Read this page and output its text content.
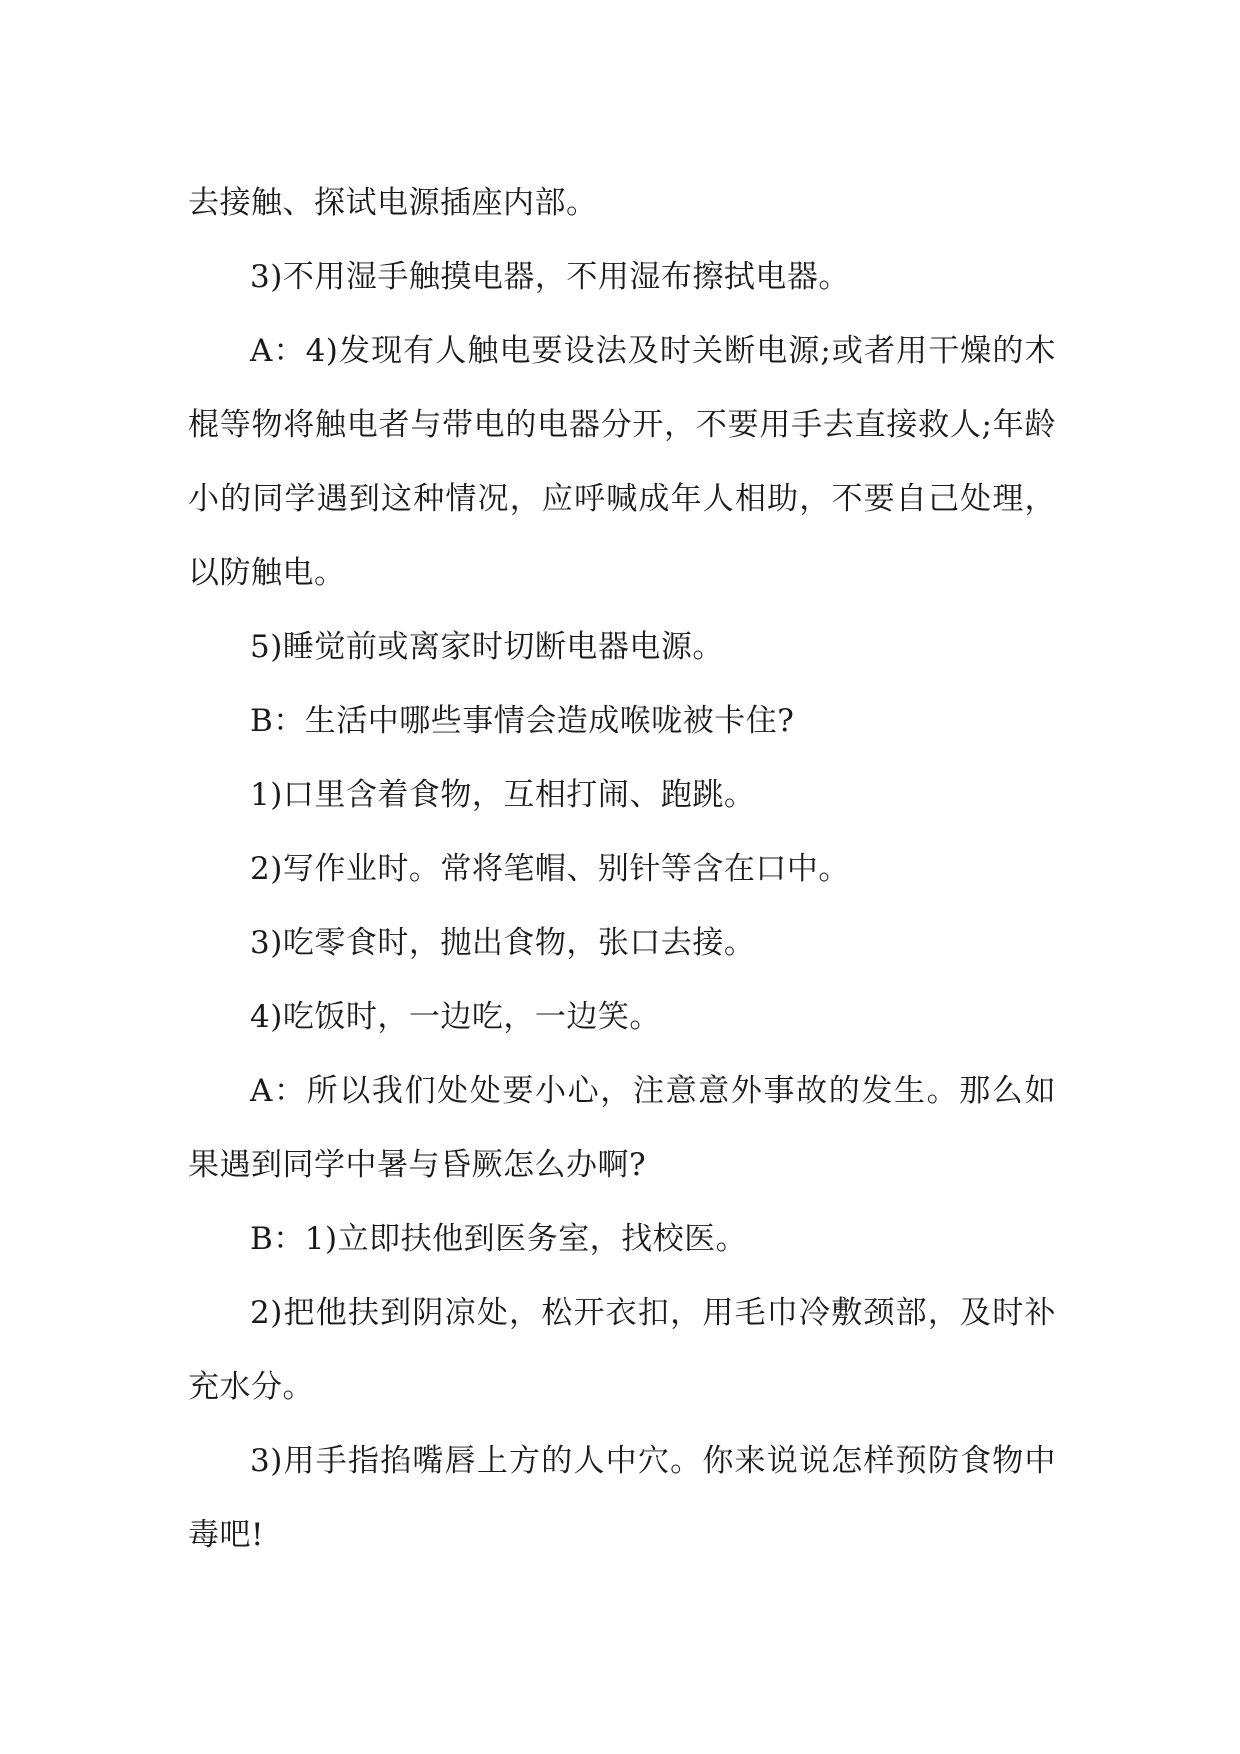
去接触、探试电源插座内部。

3)不用湿手触摸电器，不用湿布擦拭电器。

A：4)发现有人触电要设法及时关断电源;或者用干燥的木棍等物将触电者与带电的电器分开，不要用手去直接救人;年龄小的同学遇到这种情况，应呼喊成年人相助，不要自己处理，以防触电。

5)睡觉前或离家时切断电器电源。

B：生活中哪些事情会造成喉咙被卡住?

1)口里含着食物，互相打闹、跑跳。

2)写作业时。常将笔帽、别针等含在口中。

3)吃零食时，抛出食物，张口去接。

4)吃饭时，一边吃，一边笑。

A：所以我们处处要小心，注意意外事故的发生。那么如果遇到同学中暑与昏厥怎么办啊?

B：1)立即扶他到医务室，找校医。

2)把他扶到阴凉处，松开衣扣，用毛巾冷敷颈部，及时补充水分。

3)用手指掐嘴唇上方的人中穴。你来说说怎样预防食物中毒吧!
